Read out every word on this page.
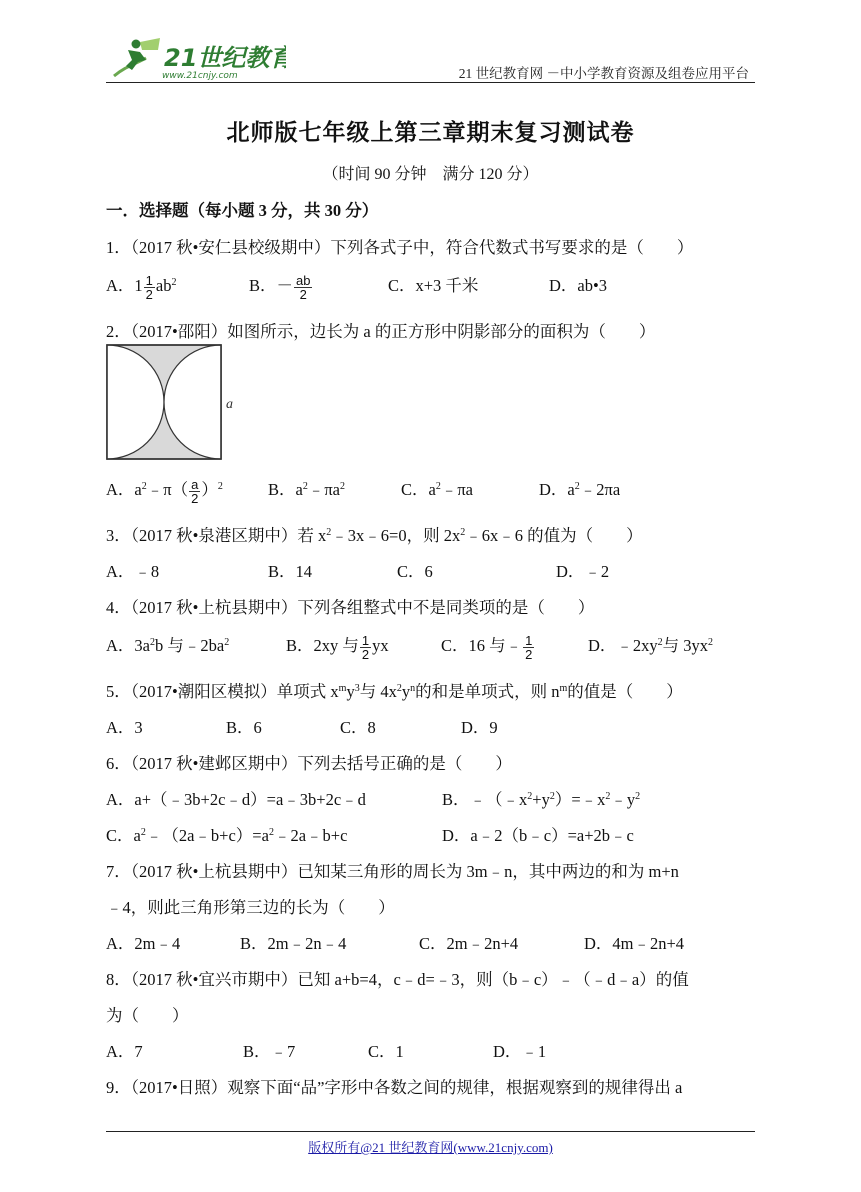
21世纪教育
www.21cnjy.com	21 世纪教育网 －中小学教育资源及组卷应用平台
北师版七年级上第三章期末复习测试卷
（时间 90 分钟　满分 120 分）
一．选择题（每小题 3 分，共 30 分）
1．（2017 秋•安仁县校级期中）下列各式子中，符合代数式书写要求的是（　　）
A．$1 \frac{1}{2} ab^2$	B．－ $\frac{ab}{2}$	C．x+3 千米	D．ab•3
2．（2017•邵阳）如图所示，边长为 a 的正方形中阴影部分的面积为（　　）
a
A．$a^2﹣\pi( \frac{a}{2} )^2$	B．$a^2﹣\pi a^2$	C．$a^2﹣\pi a$	D．$a^2﹣2\pi a$
3．（2017 秋•泉港区期中）若 $x^2﹣3x﹣6=0$，则 $2x^2﹣6x﹣6$ 的值为（　　）
A．﹣8	B．14	C．6	D．﹣2
4．（2017 秋•上杭县期中）下列各组整式中不是同类项的是（　　）
A．$3a^2b$ 与$﹣2ba^2$	B．2xy 与 $\frac{1}{2}$ yx	C．16 与﹣ $\frac{1}{2}$	D．$﹣2xy^2$与 $3yx^2$
5．（2017•潮阳区模拟）单项式 $x^my^3$与 $4x^2y^n$的和是单项式，则 $n^m$的值是（　　）
A．3	B．6	C．8	D．9
6．（2017 秋•建邺区期中）下列去括号正确的是（　　）
A．a+（﹣3b+2c﹣d）=a﹣3b+2c﹣d	B．$﹣(﹣x^2+y^2)=﹣x^2﹣y^2$
C．$a^2﹣(2a﹣b+c)=a^2﹣2a﹣b+c$	D．a﹣2（b﹣c）=a+2b﹣c
7．（2017 秋•上杭县期中）已知某三角形的周长为 3m﹣n，其中两边的和为 m+n
﹣4，则此三角形第三边的长为（　　）
A．2m﹣4	B．2m﹣2n﹣4	C．2m﹣2n+4	D．4m﹣2n+4
8．（2017 秋•宜兴市期中）已知 a+b=4，c﹣d=﹣3，则（b﹣c）﹣（﹣d﹣a）的值
为（　　）
A．7	B．﹣7	C．1	D．﹣1
9．（2017•日照）观察下面“品”字形中各数之间的规律，根据观察到的规律得出 a
版权所有@21 世纪教育网(www.21cnjy.com)
